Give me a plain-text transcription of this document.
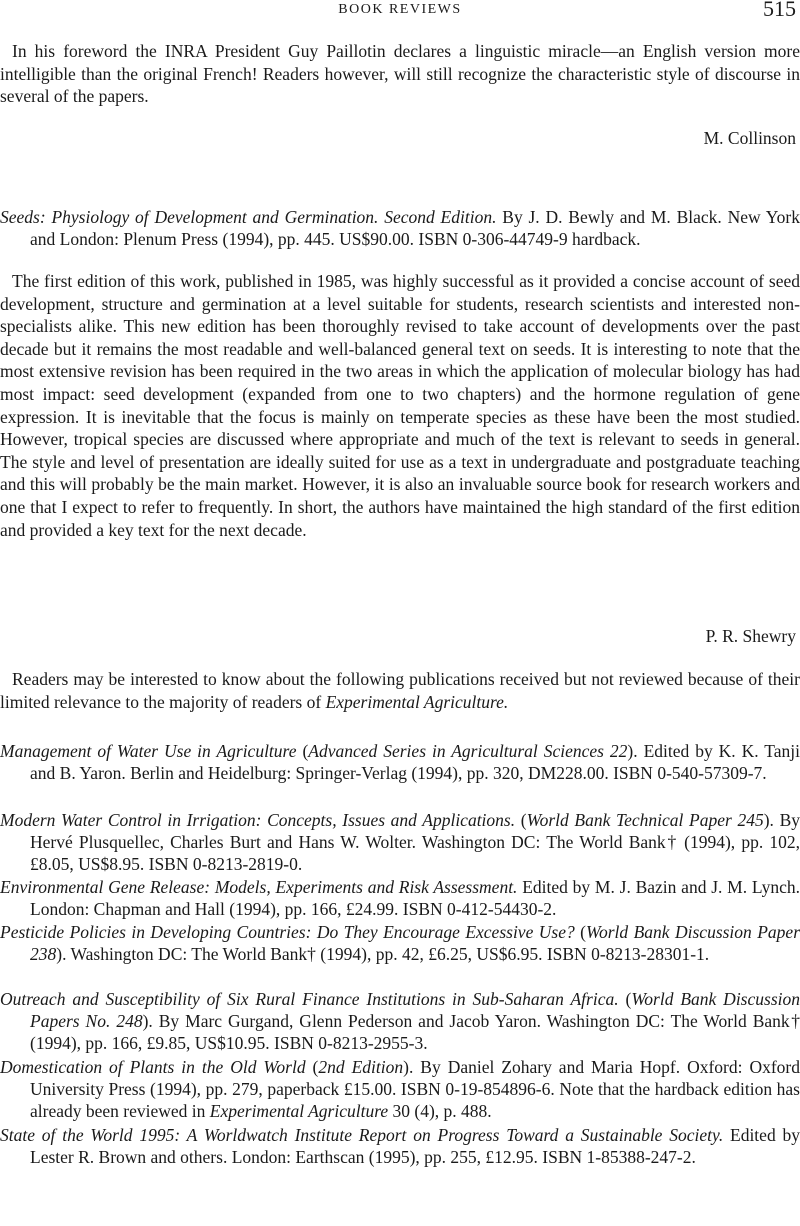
BOOK REVIEWS	515

In his foreword the INRA President Guy Paillotin declares a linguistic miracle—an English version more intelligible than the original French! Readers however, will still recognize the characteristic style of discourse in several of the papers.

M. Collinson

Seeds: Physiology of Development and Germination. Second Edition. By J. D. Bewly and M. Black. New York and London: Plenum Press (1994), pp. 445. US$90.00. ISBN 0-306-44749-9 hardback.

The first edition of this work, published in 1985, was highly successful as it provided a concise account of seed development, structure and germination at a level suitable for students, research scientists and interested non-specialists alike. This new edition has been thoroughly revised to take account of developments over the past decade but it remains the most readable and well-balanced general text on seeds. It is interesting to note that the most extensive revision has been required in the two areas in which the application of molecular biology has had most impact: seed development (expanded from one to two chapters) and the hormone regulation of gene expression. It is inevitable that the focus is mainly on temperate species as these have been the most studied. However, tropical species are discussed where appropriate and much of the text is relevant to seeds in general. The style and level of presentation are ideally suited for use as a text in undergraduate and postgraduate teaching and this will probably be the main market. However, it is also an invaluable source book for research workers and one that I expect to refer to frequently. In short, the authors have maintained the high standard of the first edition and provided a key text for the next decade.

P. R. Shewry

Readers may be interested to know about the following publications received but not reviewed because of their limited relevance to the majority of readers of Experimental Agriculture.

Management of Water Use in Agriculture (Advanced Series in Agricultural Sciences 22). Edited by K. K. Tanji and B. Yaron. Berlin and Heidelburg: Springer-Verlag (1994), pp. 320, DM228.00. ISBN 0-540-57309-7.

Modern Water Control in Irrigation: Concepts, Issues and Applications. (World Bank Technical Paper 245). By Hervé Plusquellec, Charles Burt and Hans W. Wolter. Washington DC: The World Bank† (1994), pp. 102, £8.05, US$8.95. ISBN 0-8213-2819-0.

Environmental Gene Release: Models, Experiments and Risk Assessment. Edited by M. J. Bazin and J. M. Lynch. London: Chapman and Hall (1994), pp. 166, £24.99. ISBN 0-412-54430-2.

Pesticide Policies in Developing Countries: Do They Encourage Excessive Use? (World Bank Discussion Paper 238). Washington DC: The World Bank† (1994), pp. 42, £6.25, US$6.95. ISBN 0-8213-28301-1.

Outreach and Susceptibility of Six Rural Finance Institutions in Sub-Saharan Africa. (World Bank Discussion Papers No. 248). By Marc Gurgand, Glenn Pederson and Jacob Yaron. Washington DC: The World Bank† (1994), pp. 166, £9.85, US$10.95. ISBN 0-8213-2955-3.

Domestication of Plants in the Old World (2nd Edition). By Daniel Zohary and Maria Hopf. Oxford: Oxford University Press (1994), pp. 279, paperback £15.00. ISBN 0-19-854896-6. Note that the hardback edition has already been reviewed in Experimental Agriculture 30 (4), p. 488.

State of the World 1995: A Worldwatch Institute Report on Progress Toward a Sustainable Society. Edited by Lester R. Brown and others. London: Earthscan (1995), pp. 255, £12.95. ISBN 1-85388-247-2.
